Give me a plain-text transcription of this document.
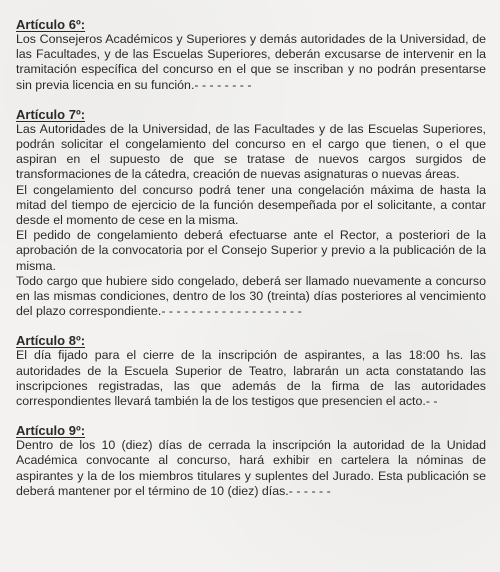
Artículo 6º:

Los Consejeros Académicos y Superiores y demás autoridades de la Universidad, de las Facultades, y de las Escuelas Superiores, deberán excusarse de intervenir en la tramitación específica del concurso en el que se inscriban y no podrán presentarse sin previa licencia en su función.- - - - - - - -

Artículo 7º:

Las Autoridades de la Universidad, de las Facultades y de las Escuelas Superiores, podrán solicitar el congelamiento del concurso en el cargo que tienen, o el que aspiran en el supuesto de que se tratase de nuevos cargos surgidos de transformaciones de la cátedra, creación de nuevas asignaturas o nuevas áreas.

El congelamiento del concurso podrá tener una congelación máxima de hasta la mitad del tiempo de ejercicio de la función desempeñada por el solicitante, a contar desde el momento de cese en la misma.

El pedido de congelamiento deberá efectuarse ante el Rector, a posteriori de la aprobación de la convocatoria por el Consejo Superior y previo a la publicación de la misma.

Todo cargo que hubiere sido congelado, deberá ser llamado nuevamente a concurso en las mismas condiciones, dentro de los 30 (treinta) días posteriores al vencimiento del plazo correspondiente.- - - - - - - - - - - - - - - - - - -

Artículo 8º:

El día fijado para el cierre de la inscripción de aspirantes, a las 18:00 hs. las autoridades de la Escuela Superior de Teatro, labrarán un acta constatando las inscripciones registradas, las que además de la firma de las autoridades correspondientes llevará también la de los testigos que presencien el acto.- -

Artículo 9º:

Dentro de los 10 (diez) días de cerrada la inscripción la autoridad de la Unidad Académica convocante al concurso, hará exhibir en cartelera la nóminas de aspirantes y la de los miembros titulares y suplentes del Jurado. Esta publicación se deberá mantener por el término de 10 (diez) días.- - - - - -
